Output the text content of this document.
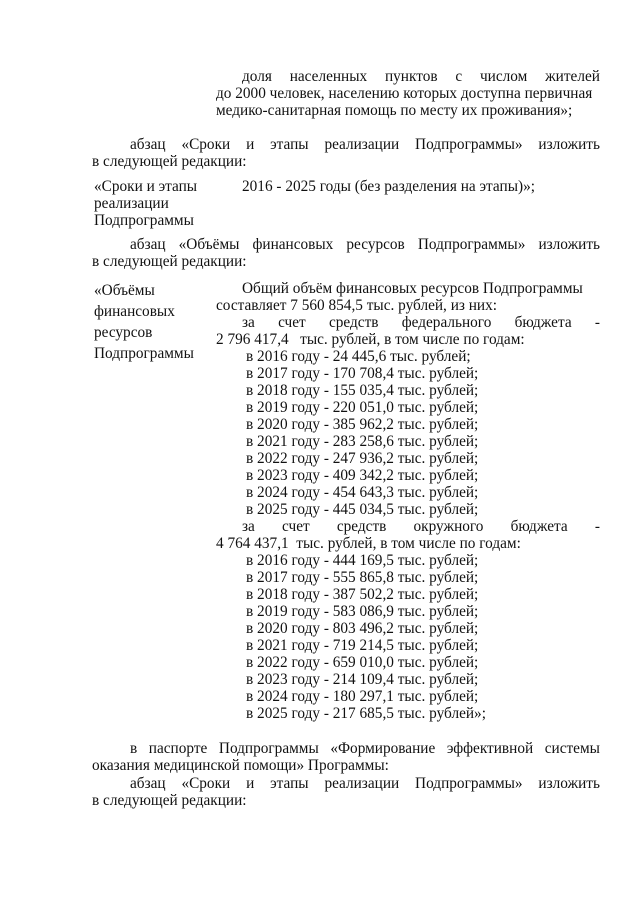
доля населенных пунктов с числом жителей
до 2000 человек, населению которых доступна первичная
медико-санитарная помощь по месту их проживания»;
абзац «Сроки и этапы реализации Подпрограммы» изложить
в следующей редакции:
«Сроки и этапы
реализации
Подпрограммы
2016 - 2025 годы (без разделения на этапы)»;
абзац «Объёмы финансовых ресурсов Подпрограммы» изложить
в следующей редакции:
«Объёмы
финансовых
ресурсов
Подпрограммы
Общий объём финансовых ресурсов Подпрограммы
составляет 7 560 854,5 тыс. рублей, из них:
за счет средств федерального бюджета -
2 796 417,4   тыс. рублей, в том числе по годам:
в 2016 году - 24 445,6 тыс. рублей;
в 2017 году - 170 708,4 тыс. рублей;
в 2018 году - 155 035,4 тыс. рублей;
в 2019 году - 220 051,0 тыс. рублей;
в 2020 году - 385 962,2 тыс. рублей;
в 2021 году - 283 258,6 тыс. рублей;
в 2022 году - 247 936,2 тыс. рублей;
в 2023 году - 409 342,2 тыс. рублей;
в 2024 году - 454 643,3 тыс. рублей;
в 2025 году - 445 034,5 тыс. рублей;
за счет средств окружного бюджета -
4 764 437,1  тыс. рублей, в том числе по годам:
в 2016 году - 444 169,5 тыс. рублей;
в 2017 году - 555 865,8 тыс. рублей;
в 2018 году - 387 502,2 тыс. рублей;
в 2019 году - 583 086,9 тыс. рублей;
в 2020 году - 803 496,2 тыс. рублей;
в 2021 году - 719 214,5 тыс. рублей;
в 2022 году - 659 010,0 тыс. рублей;
в 2023 году - 214 109,4 тыс. рублей;
в 2024 году - 180 297,1 тыс. рублей;
в 2025 году - 217 685,5 тыс. рублей»;
в паспорте Подпрограммы «Формирование эффективной системы
оказания медицинской помощи» Программы:
абзац «Сроки и этапы реализации Подпрограммы» изложить
в следующей редакции:
